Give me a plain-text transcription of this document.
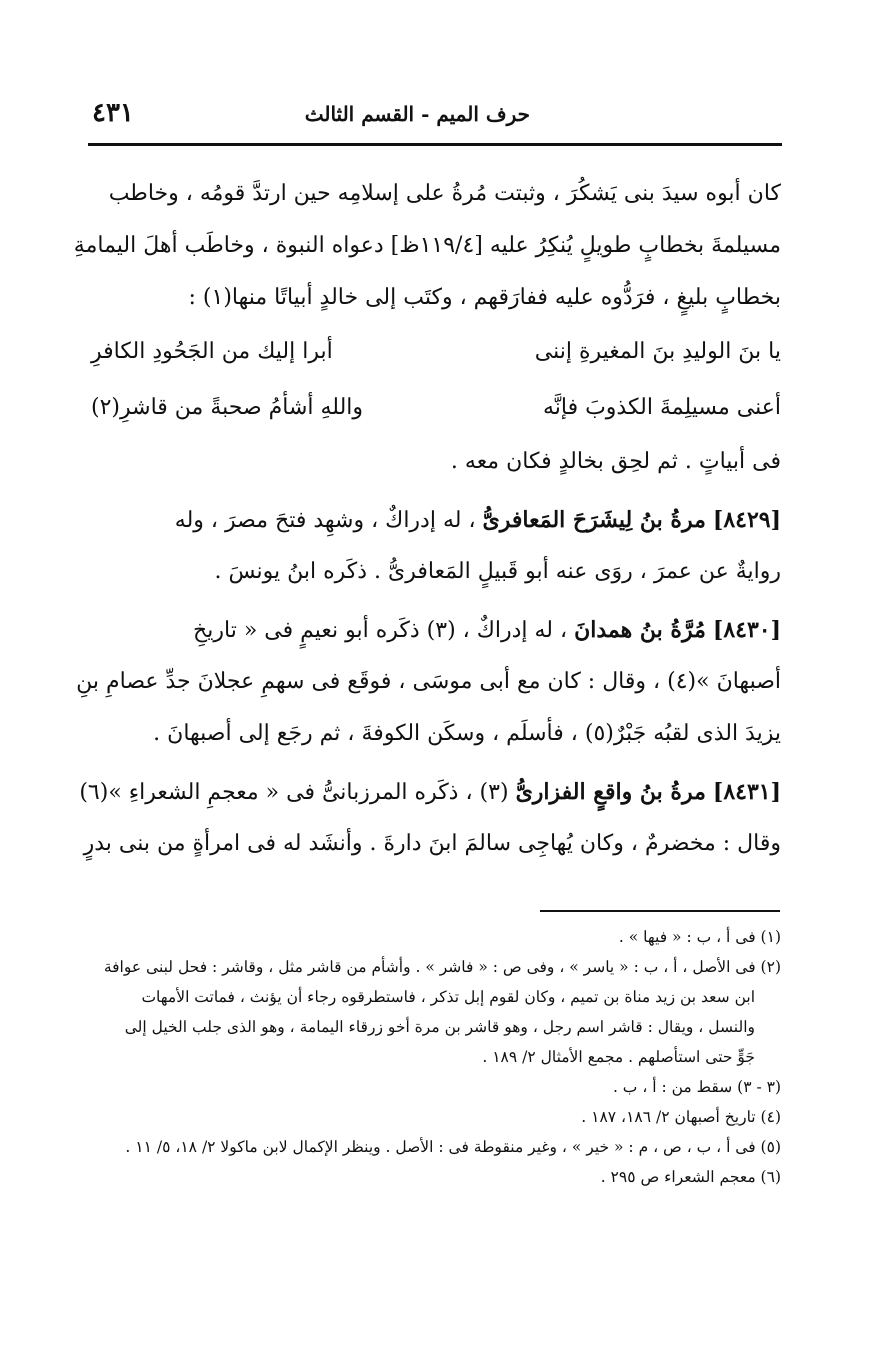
حرف الميم - القسم الثالث
٤٣١
كان أبوه سيدَ بنى يَشكُرَ ، وثبتت مُرةُ على إسلامِه حين ارتدَّ قومُه ، وخاطب
مسيلمةَ بخطابٍ طويلٍ يُنكِرُ عليه [١١٩/٤ظ] دعواه النبوة ، وخاطَب أهلَ اليمامةِ
بخطابٍ بليغٍ ، فرَدُّوه عليه ففارَقهم ، وكتَب إلى خالدٍ أبياتًا منها(١) :
يا بنَ الوليدِ بنَ المغيرةِ إننى
أبرا إليك من الجَحُودِ الكافرِ
أعنى مسيلِمةَ الكذوبَ فإنَّه
واللهِ أشأمُ صحبةً من قاشرِ(٢)
فى أبياتٍ . ثم لحِق بخالدٍ فكان معه .
[٨٤٢٩] مرةُ بنُ لِيشَرَحَ المَعافرىُّ ، له إدراكٌ ، وشهِد فتحَ مصرَ ، وله
روايةٌ عن عمرَ ، روَى عنه أبو قَبيلٍ المَعافرىُّ . ذكَره ابنُ يونسَ .
[٨٤٣٠] مُرَّةُ بنُ همدانَ ، له إدراكٌ ، (٣) ذكَره أبو نعيمٍ فى « تاريخِ
أصبهانَ »(٤) ، وقال : كان مع أبى موسَى ، فوقَع فى سهمِ عجلانَ جدِّ عصامِ بنِ
يزيدَ الذى لقبُه جَبْرٌ(٥) ، فأسلَم ، وسكَن الكوفةَ ، ثم رجَع إلى أصبهانَ .
[٨٤٣١] مرةُ بنُ واقعٍ الفزارىُّ (٣) ، ذكَره المرزبانىُّ فى « معجمِ الشعراءِ »(٦)
وقال : مخضرمٌ ، وكان يُهاجِى سالمَ ابنَ دارةَ . وأنشَد له فى امرأةٍ من بنى بدرٍ
(١) فى أ ، ب : « فيها » .
(٢) فى الأصل ، أ ، ب : « ياسر » ، وفى ص : « فاشر » . وأشأم من قاشر مثل ، وقاشر : فحل لبنى عوافة
ابن سعد بن زيد مناة بن تميم ، وكان لقوم إبل تذكر ، فاستطرقوه رجاء أن يؤنث ، فماتت الأمهات
والنسل ، ويقال : قاشر اسم رجل ، وهو قاشر بن مرة أخو زرقاء اليمامة ، وهو الذى جلب الخيل إلى
جَوٍّ حتى استأصلهم . مجمع الأمثال ٢/ ١٨٩ .
(٣ - ٣) سقط من : أ ، ب .
(٤) تاريخ أصبهان ٢/ ١٨٦، ١٨٧ .
(٥) فى أ ، ب ، ص ، م : « خير » ، وغير منقوطة فى : الأصل . وينظر الإكمال لابن ماكولا ٢/ ١٨، ٥/ ١١ .
(٦) معجم الشعراء ص ٢٩٥ .
